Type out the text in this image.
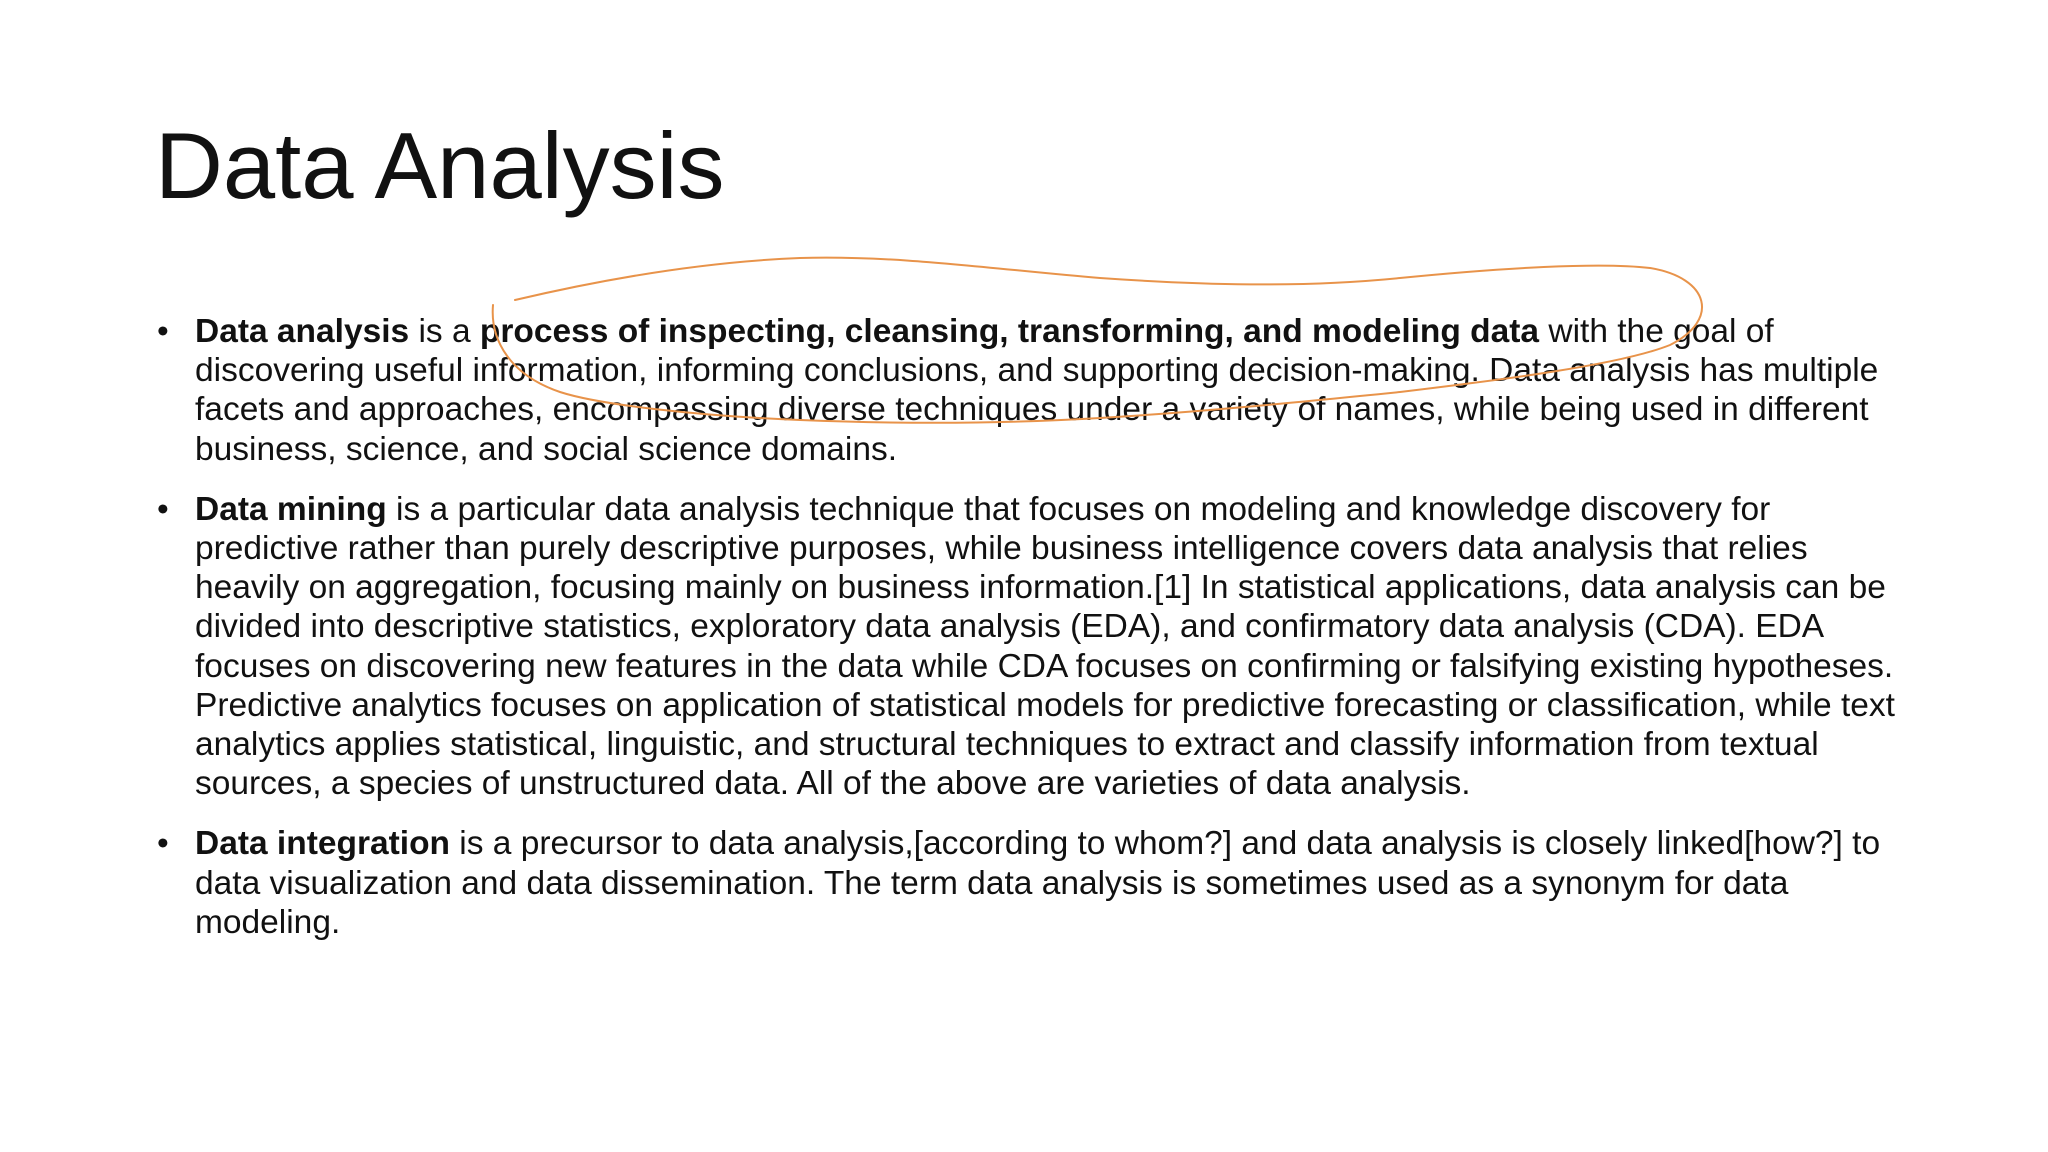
Data Analysis
• Data analysis is a process of inspecting, cleansing, transforming, and modeling data with the goal of discovering useful information, informing conclusions, and supporting decision-making. Data analysis has multiple facets and approaches, encompassing diverse techniques under a variety of names, while being used in different business, science, and social science domains.
• Data mining is a particular data analysis technique that focuses on modeling and knowledge discovery for predictive rather than purely descriptive purposes, while business intelligence covers data analysis that relies heavily on aggregation, focusing mainly on business information.[1] In statistical applications, data analysis can be divided into descriptive statistics, exploratory data analysis (EDA), and confirmatory data analysis (CDA). EDA focuses on discovering new features in the data while CDA focuses on confirming or falsifying existing hypotheses. Predictive analytics focuses on application of statistical models for predictive forecasting or classification, while text analytics applies statistical, linguistic, and structural techniques to extract and classify information from textual sources, a species of unstructured data. All of the above are varieties of data analysis.
• Data integration is a precursor to data analysis,[according to whom?] and data analysis is closely linked[how?] to data visualization and data dissemination. The term data analysis is sometimes used as a synonym for data modeling.
